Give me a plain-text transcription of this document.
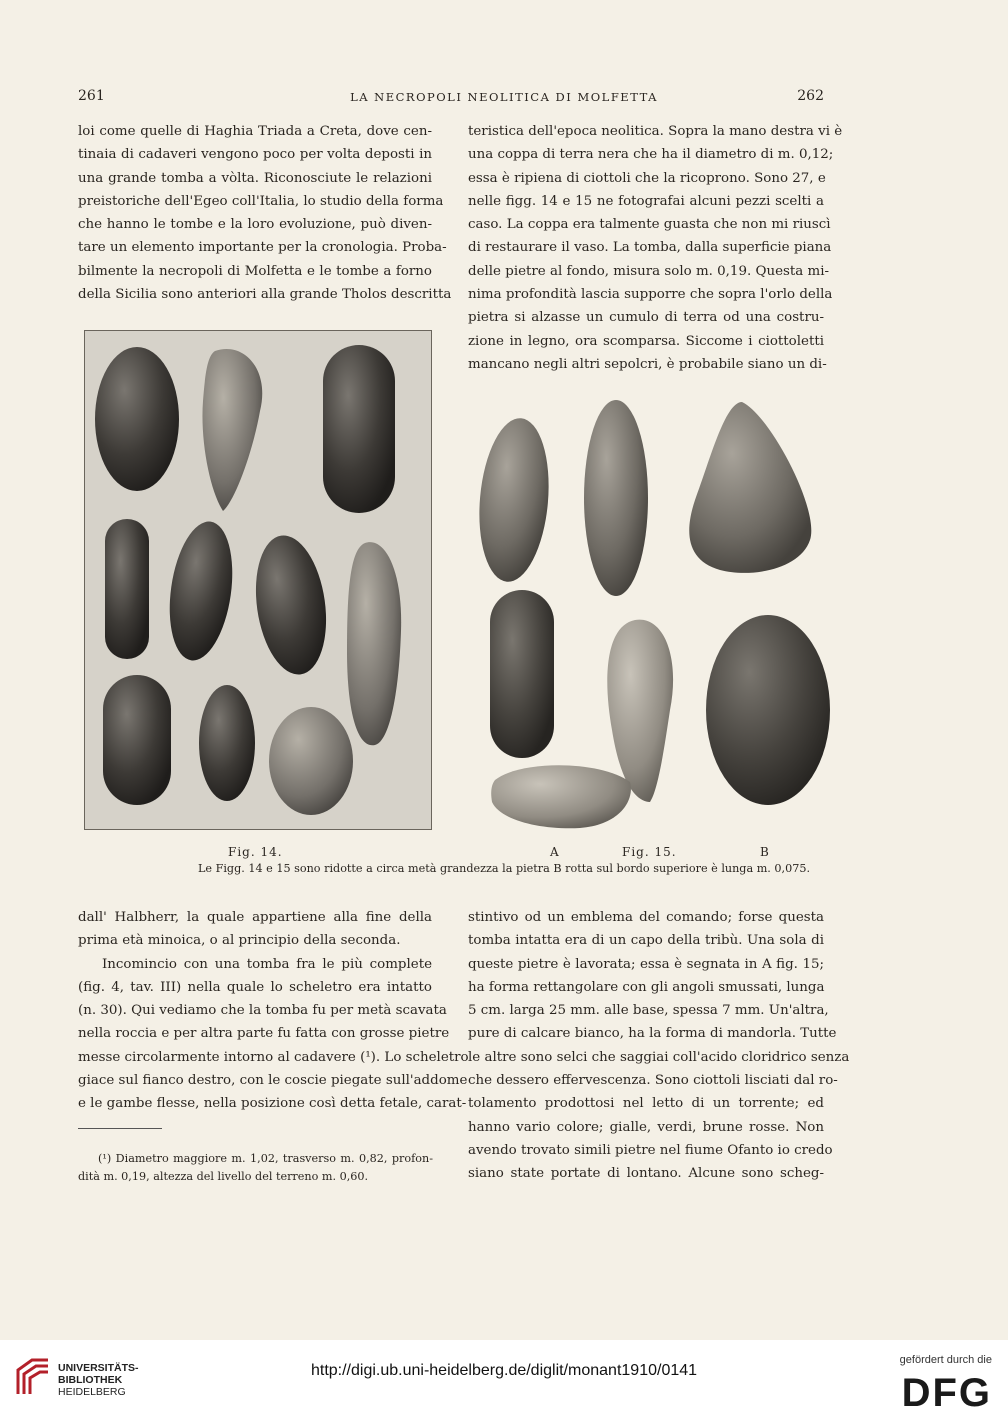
261	LA NECROPOLI NEOLITICA DI MOLFETTA	262
loi come quelle di Haghia Triada a Creta, dove cen-
tinaia di cadaveri vengono poco per volta deposti in
una grande tomba a vòlta. Riconosciute le relazioni
preistoriche dell'Egeo coll'Italia, lo studio della forma
che hanno le tombe e la loro evoluzione, può diven-
tare un elemento importante per la cronologia. Proba-
bilmente la necropoli di Molfetta e le tombe a forno
della Sicilia sono anteriori alla grande Tholos descritta
teristica dell'epoca neolitica. Sopra la mano destra vi è
una coppa di terra nera che ha il diametro di m. 0,12;
essa è ripiena di ciottoli che la ricoprono. Sono 27, e
nelle figg. 14 e 15 ne fotografai alcuni pezzi scelti a
caso. La coppa era talmente guasta che non mi riuscì
di restaurare il vaso. La tomba, dalla superficie piana
delle pietre al fondo, misura solo m. 0,19. Questa mi-
nima profondità lascia supporre che sopra l'orlo della
pietra si alzasse un cumulo di terra od una costru-
zione in legno, ora scomparsa. Siccome i ciottoletti
mancano negli altri sepolcri, è probabile siano un di-
Fig. 14.	A	Fig. 15.	B
Le Figg. 14 e 15 sono ridotte a circa metà grandezza la pietra B rotta sul bordo superiore è lunga m. 0,075.
dall' Halbherr, la quale appartiene alla fine della
prima età minoica, o al principio della seconda.
Incomincio con una tomba fra le più complete
(fig. 4, tav. III) nella quale lo scheletro era intatto
(n. 30). Qui vediamo che la tomba fu per metà scavata
nella roccia e per altra parte fu fatta con grosse pietre
messe circolarmente intorno al cadavere (¹). Lo scheletro
giace sul fianco destro, con le coscie piegate sull'addome
e le gambe flesse, nella posizione così detta fetale, carat-
(¹) Diametro maggiore m. 1,02, trasverso m. 0,82, profon-
dità m. 0,19, altezza del livello del terreno m. 0,60.
stintivo od un emblema del comando; forse questa
tomba intatta era di un capo della tribù. Una sola di
queste pietre è lavorata; essa è segnata in A fig. 15;
ha forma rettangolare con gli angoli smussati, lunga
5 cm. larga 25 mm. alle base, spessa 7 mm. Un'altra,
pure di calcare bianco, ha la forma di mandorla. Tutte
le altre sono selci che saggiai coll'acido cloridrico senza
che dessero effervescenza. Sono ciottoli lisciati dal ro-
tolamento prodottosi nel letto di un torrente; ed
hanno vario colore; gialle, verdi, brune rosse. Non
avendo trovato simili pietre nel fiume Ofanto io credo
siano state portate di lontano. Alcune sono scheg-
UNIVERSITÄTS-
BIBLIOTHEK
HEIDELBERG
http://digi.ub.uni-heidelberg.de/diglit/monant1910/0141
gefördert durch die
DFG
